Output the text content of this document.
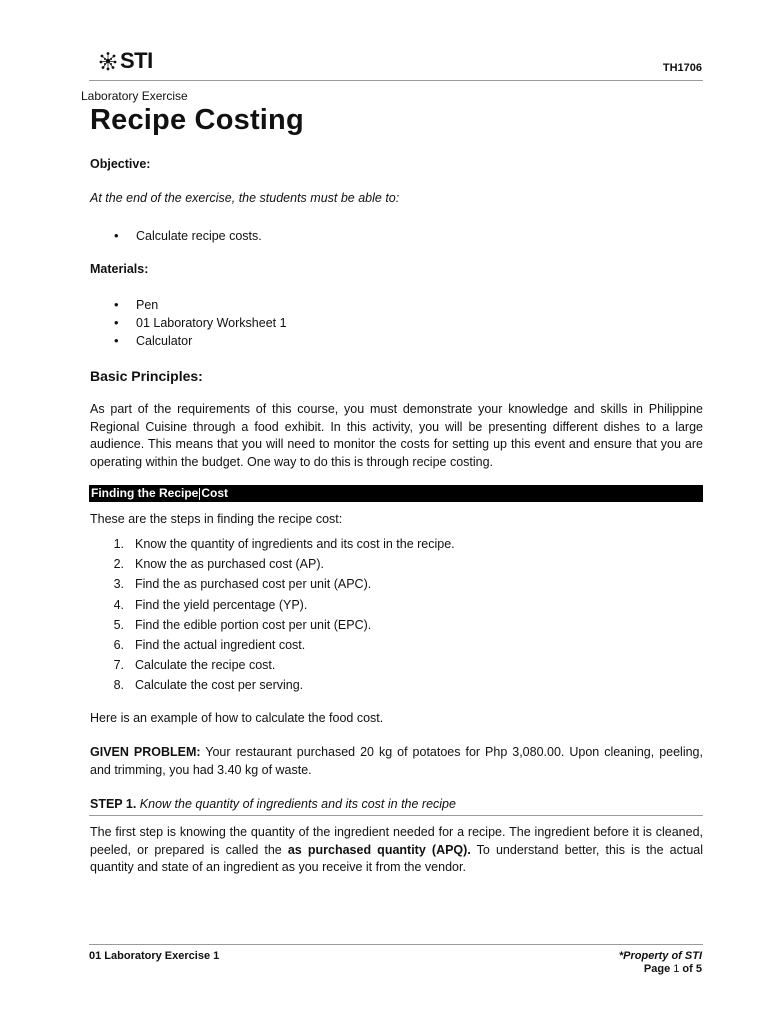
STI	TH1706
Laboratory Exercise
Recipe Costing
Objective:
At the end of the exercise, the students must be able to:
• Calculate recipe costs.
Materials:
• Pen
• 01 Laboratory Worksheet 1
• Calculator
Basic Principles:

As part of the requirements of this course, you must demonstrate your knowledge and skills in Philippine Regional Cuisine through a food exhibit. In this activity, you will be presenting different dishes to a large audience. This means that you will need to monitor the costs for setting up this event and ensure that you are operating within the budget. One way to do this is through recipe costing.

Finding the Recipe Cost
These are the steps in finding the recipe cost:
1. Know the quantity of ingredients and its cost in the recipe.
2. Know the as purchased cost (AP).
3. Find the as purchased cost per unit (APC).
4. Find the yield percentage (YP).
5. Find the edible portion cost per unit (EPC).
6. Find the actual ingredient cost.
7. Calculate the recipe cost.
8. Calculate the cost per serving.
Here is an example of how to calculate the food cost.

GIVEN PROBLEM: Your restaurant purchased 20 kg of potatoes for Php 3,080.00. Upon cleaning, peeling, and trimming, you had 3.40 kg of waste.

STEP 1. Know the quantity of ingredients and its cost in the recipe

The first step is knowing the quantity of the ingredient needed for a recipe. The ingredient before it is cleaned, peeled, or prepared is called the as purchased quantity (APQ). To understand better, this is the actual quantity and state of an ingredient as you receive it from the vendor.

01 Laboratory Exercise 1	*Property of STI
Page 1 of 5
